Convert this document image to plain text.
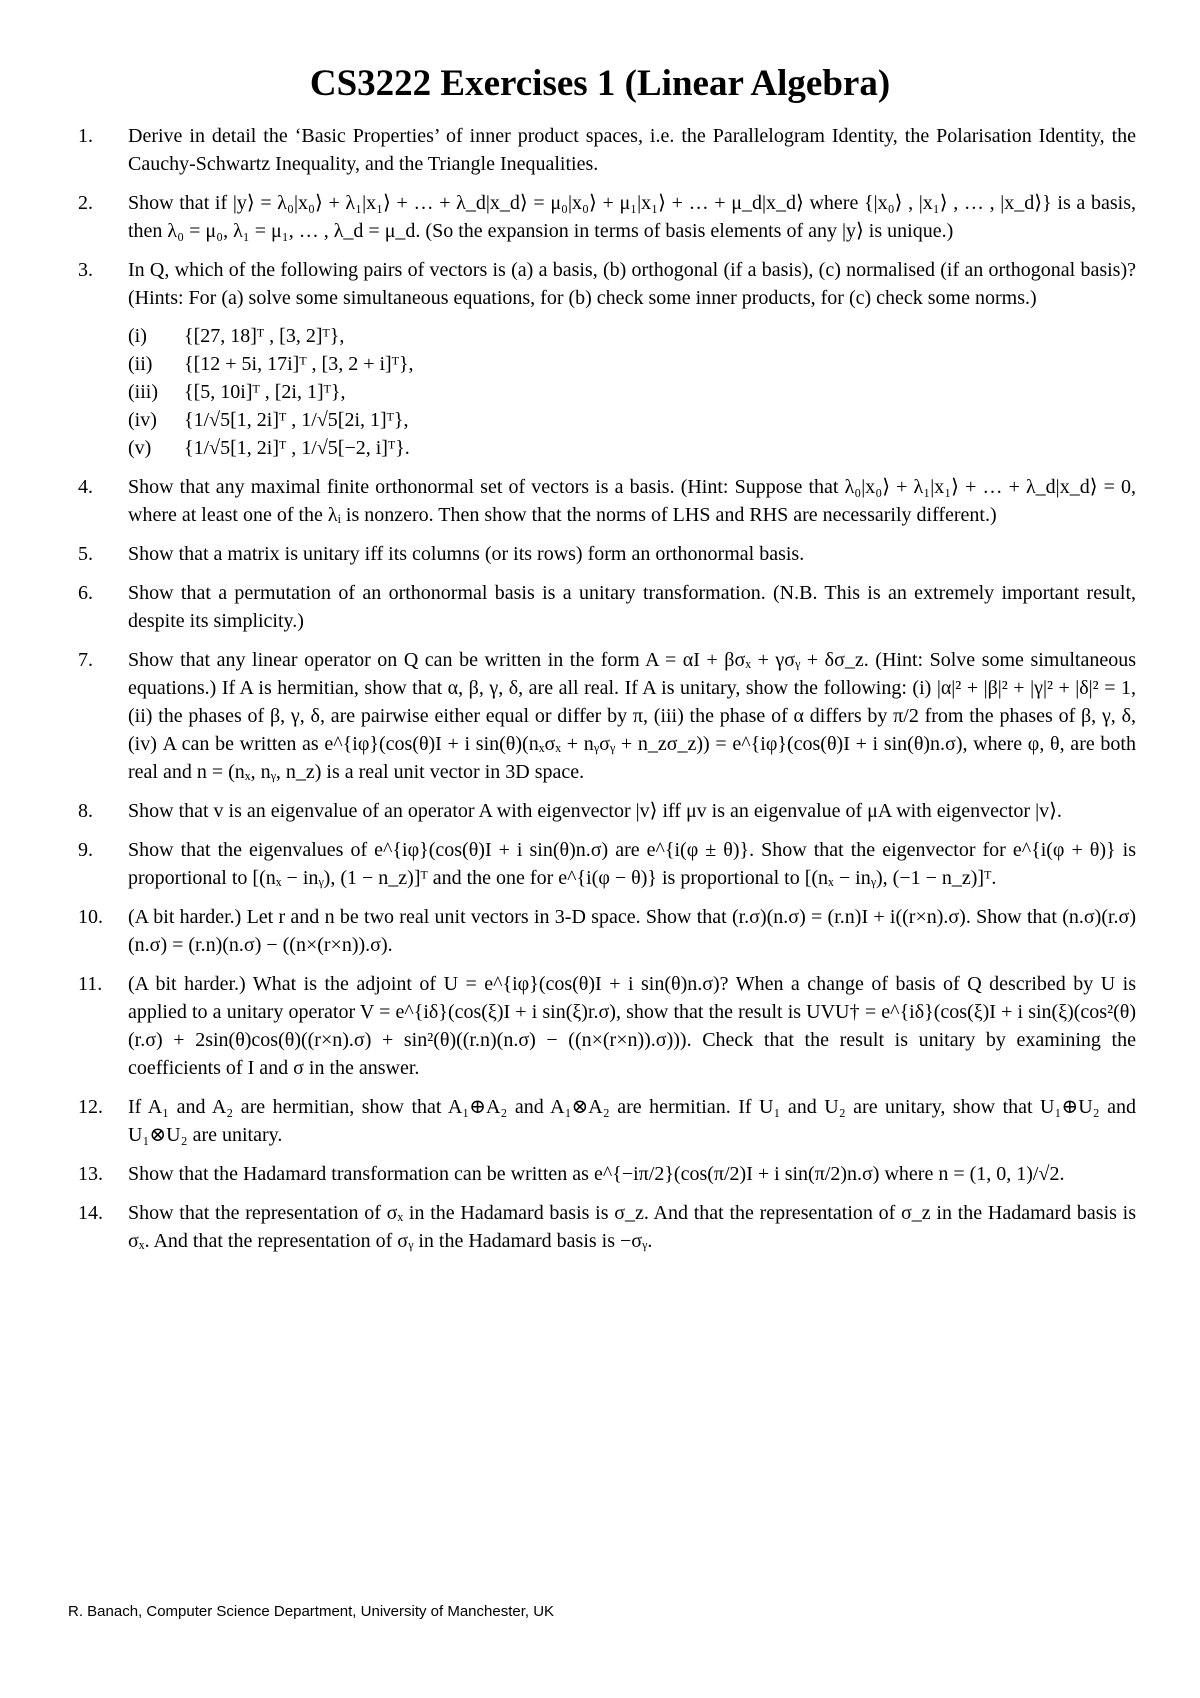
CS3222 Exercises 1 (Linear Algebra)
1. Derive in detail the ‘Basic Properties’ of inner product spaces, i.e. the Parallelogram Identity, the Polarisation Identity, the Cauchy-Schwartz Inequality, and the Triangle Inequalities.
2. Show that if |y⟩ = λ₀|x₀⟩ + λ₁|x₁⟩ + … + λ_d|x_d⟩ = μ₀|x₀⟩ + μ₁|x₁⟩ + … + μ_d|x_d⟩ where {|x₀⟩ , |x₁⟩ , … , |x_d⟩} is a basis, then λ₀ = μ₀, λ₁ = μ₁, … , λ_d = μ_d. (So the expansion in terms of basis elements of any |y⟩ is unique.)
3. In Q, which of the following pairs of vectors is (a) a basis, (b) orthogonal (if a basis), (c) normalised (if an orthogonal basis)? (Hints: For (a) solve some simultaneous equations, for (b) check some inner products, for (c) check some norms.)
(i) {[27, 18]ᵀ , [3, 2]ᵀ},
(ii) {[12 + 5i, 17i]ᵀ , [3, 2 + i]ᵀ},
(iii) {[5, 10i]ᵀ , [2i, 1]ᵀ},
(iv) {1/√5[1, 2i]ᵀ , 1/√5[2i, 1]ᵀ},
(v) {1/√5[1, 2i]ᵀ , 1/√5[−2, i]ᵀ}.
4. Show that any maximal finite orthonormal set of vectors is a basis. (Hint: Suppose that λ₀|x₀⟩ + λ₁|x₁⟩ + … + λ_d|x_d⟩ = 0, where at least one of the λᵢ is nonzero. Then show that the norms of LHS and RHS are necessarily different.)
5. Show that a matrix is unitary iff its columns (or its rows) form an orthonormal basis.
6. Show that a permutation of an orthonormal basis is a unitary transformation. (N.B. This is an extremely important result, despite its simplicity.)
7. Show that any linear operator on Q can be written in the form A = αI + βσₓ + γσᵧ + δσ_z. (Hint: Solve some simultaneous equations.) If A is hermitian, show that α, β, γ, δ, are all real. If A is unitary, show the following: (i) |α|² + |β|² + |γ|² + |δ|² = 1, (ii) the phases of β, γ, δ, are pairwise either equal or differ by π, (iii) the phase of α differs by π/2 from the phases of β, γ, δ, (iv) A can be written as e^{iφ}(cos(θ)I + i sin(θ)(nₓσₓ + nᵧσᵧ + n_zσ_z)) = e^{iφ}(cos(θ)I + i sin(θ)n.σ), where φ, θ, are both real and n = (nₓ, nᵧ, n_z) is a real unit vector in 3D space.
8. Show that v is an eigenvalue of an operator A with eigenvector |v⟩ iff μv is an eigenvalue of μA with eigenvector |v⟩.
9. Show that the eigenvalues of e^{iφ}(cos(θ)I + i sin(θ)n.σ) are e^{i(φ ± θ)}. Show that the eigenvector for e^{i(φ + θ)} is proportional to [(nₓ − inᵧ), (1 − n_z)]ᵀ and the one for e^{i(φ − θ)} is proportional to [(nₓ − inᵧ), (−1 − n_z)]ᵀ.
10. (A bit harder.) Let r and n be two real unit vectors in 3-D space. Show that (r.σ)(n.σ) = (r.n)I + i((r×n).σ). Show that (n.σ)(r.σ)(n.σ) = (r.n)(n.σ) − ((n×(r×n)).σ).
11. (A bit harder.) What is the adjoint of U = e^{iφ}(cos(θ)I + i sin(θ)n.σ)? When a change of basis of Q described by U is applied to a unitary operator V = e^{iδ}(cos(ξ)I + i sin(ξ)r.σ), show that the result is UVU† = e^{iδ}(cos(ξ)I + i sin(ξ)(cos²(θ)(r.σ) + 2sin(θ)cos(θ)((r×n).σ) + sin²(θ)((r.n)(n.σ) − ((n×(r×n)).σ))). Check that the result is unitary by examining the coefficients of I and σ in the answer.
12. If A₁ and A₂ are hermitian, show that A₁⊕A₂ and A₁⊗A₂ are hermitian. If U₁ and U₂ are unitary, show that U₁⊕U₂ and U₁⊗U₂ are unitary.
13. Show that the Hadamard transformation can be written as e^{−iπ/2}(cos(π/2)I + i sin(π/2)n.σ) where n = (1, 0, 1)/√2.
14. Show that the representation of σₓ in the Hadamard basis is σ_z. And that the representation of σ_z in the Hadamard basis is σₓ. And that the representation of σᵧ in the Hadamard basis is −σᵧ.
R. Banach, Computer Science Department, University of Manchester, UK
